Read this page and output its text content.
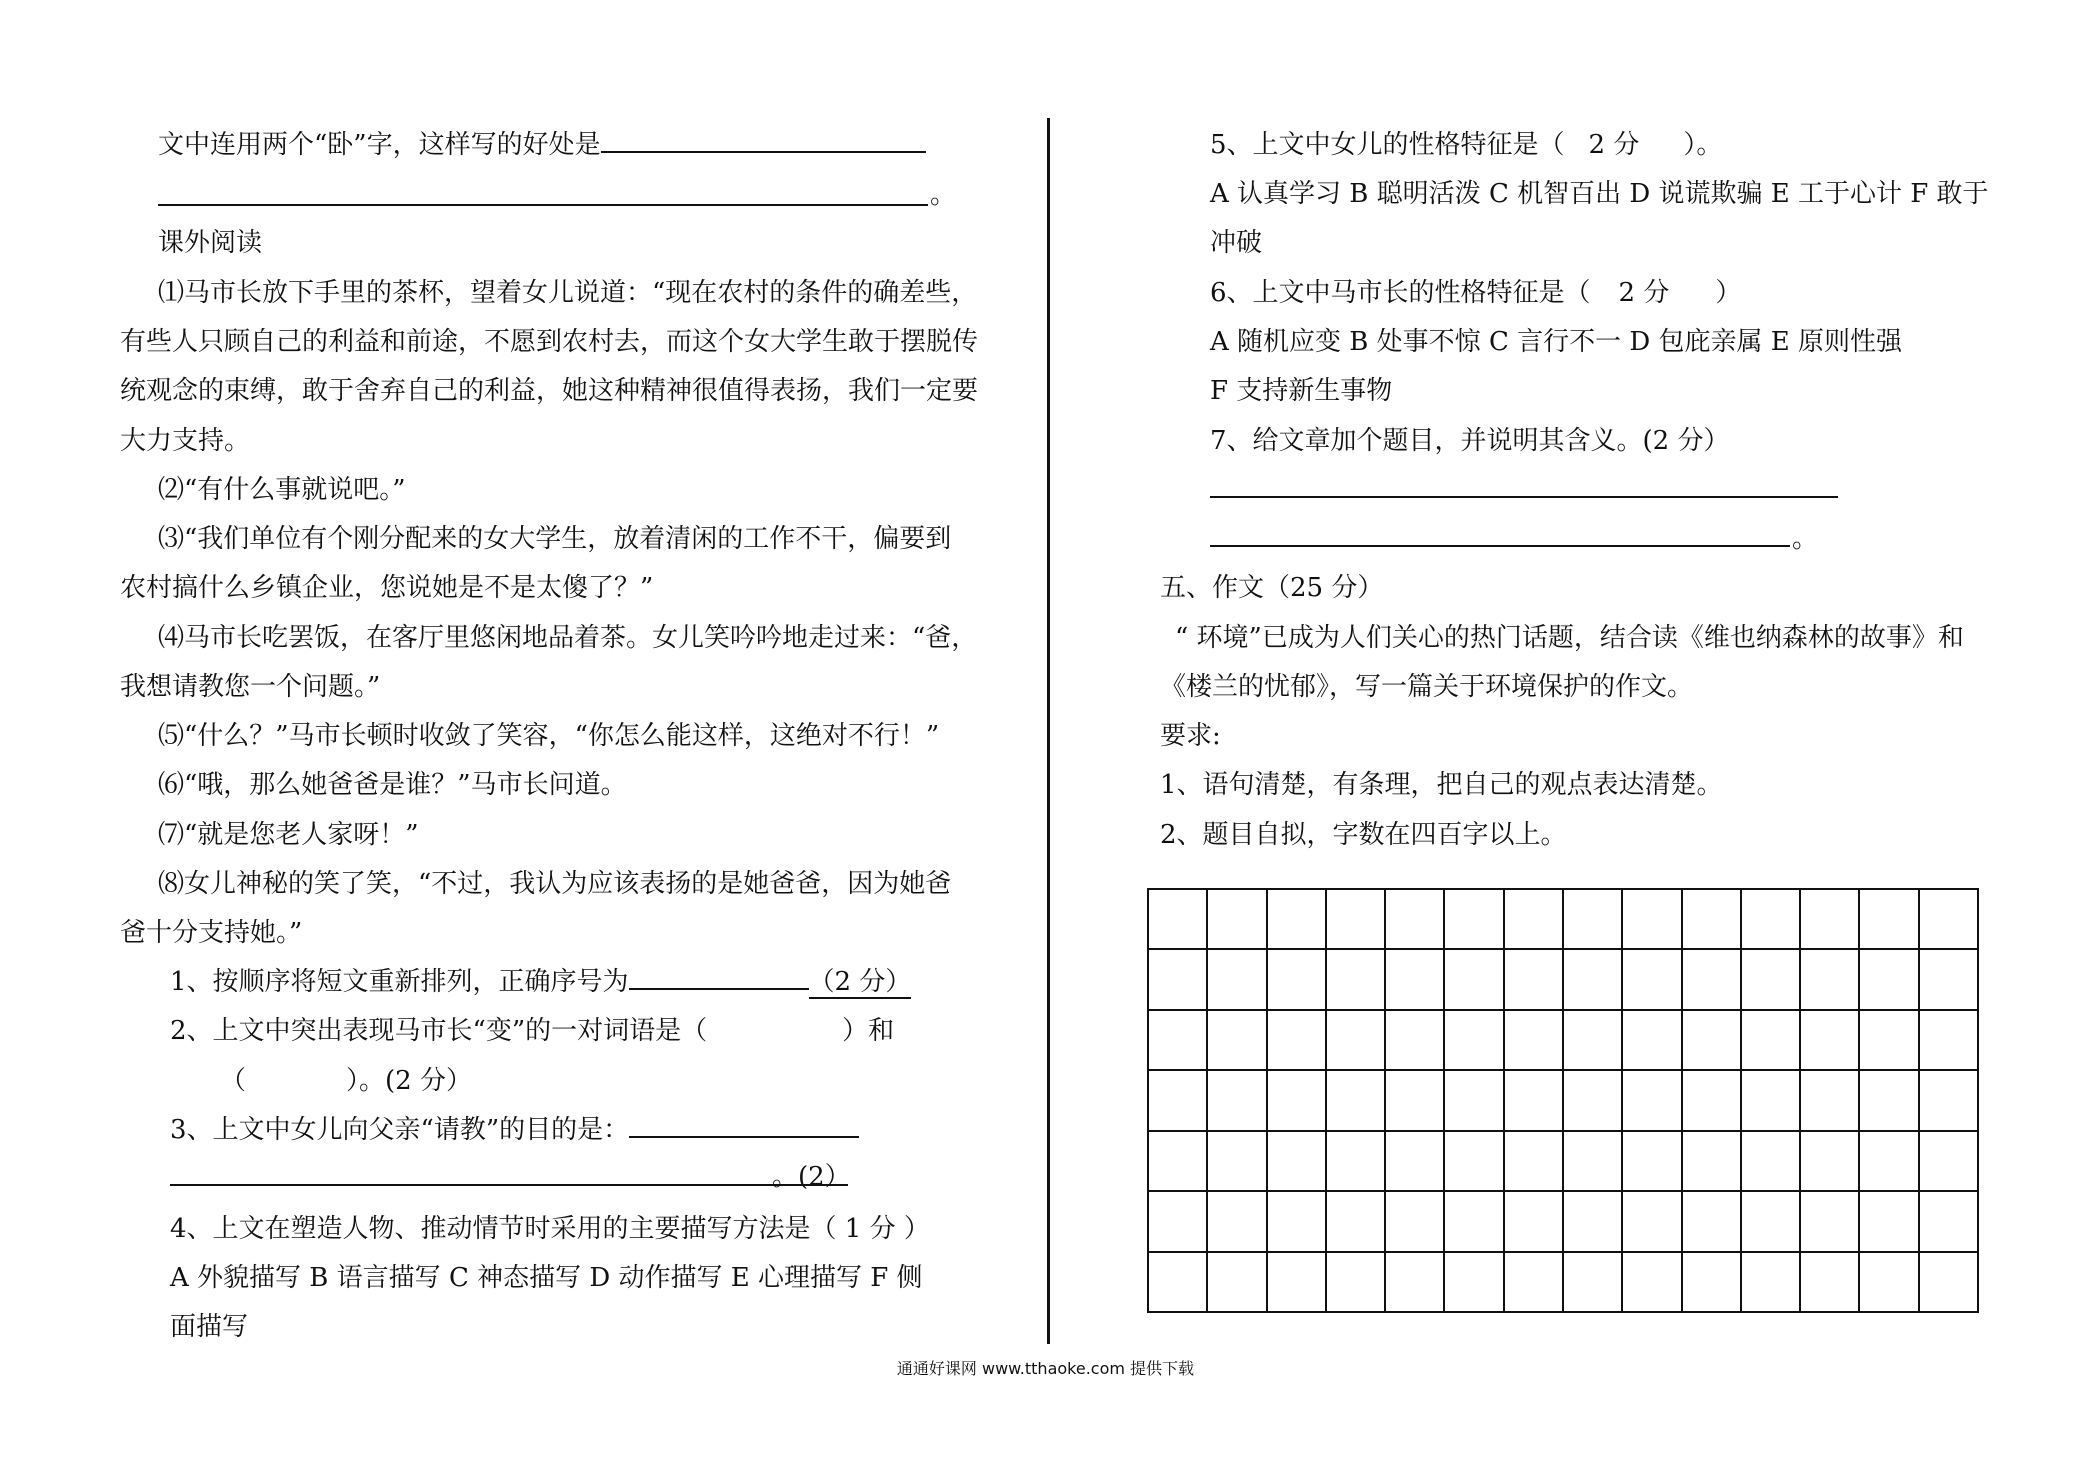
文中连用两个“卧”字，这样写的好处是
。
课外阅读
⑴马市长放下手里的茶杯，望着女儿说道：“现在农村的条件的确差些，
有些人只顾自己的利益和前途，不愿到农村去，而这个女大学生敢于摆脱传
统观念的束缚，敢于舍弃自己的利益，她这种精神很值得表扬，我们一定要
大力支持。
⑵“有什么事就说吧。”
⑶“我们单位有个刚分配来的女大学生，放着清闲的工作不干，偏要到
农村搞什么乡镇企业，您说她是不是太傻了？”
⑷马市长吃罢饭，在客厅里悠闲地品着茶。女儿笑吟吟地走过来：“爸，
我想请教您一个问题。”
⑸“什么？”马市长顿时收敛了笑容，“你怎么能这样，这绝对不行！”
⑹“哦，那么她爸爸是谁？”马市长问道。
⑺“就是您老人家呀！”
⑻女儿神秘的笑了笑，“不过，我认为应该表扬的是她爸爸，因为她爸
爸十分支持她。”
1、按顺序将短文重新排列，正确序号为	（2 分）
2、上文中突出表现马市长“变”的一对词语是（	）和
（	）。(2 分）
3、上文中女儿向父亲“请教”的目的是：
。(2）
4、上文在塑造人物、推动情节时采用的主要描写方法是（ 1 分 ）
A 外貌描写 B 语言描写 C 神态描写 D 动作描写 E 心理描写 F 侧
面描写
5、上文中女儿的性格特征是（ 2 分 ）。
A 认真学习 B 聪明活泼 C 机智百出 D 说谎欺骗 E 工于心计 F 敢于
冲破
6、上文中马市长的性格特征是（ 2 分 ）
A 随机应变 B 处事不惊 C 言行不一 D 包庇亲属 E 原则性强
F 支持新生事物
7、给文章加个题目，并说明其含义。(2 分）
。
五、作文（25 分）
“ 环境”已成为人们关心的热门话题，结合读《维也纳森林的故事》和
《楼兰的忧郁》，写一篇关于环境保护的作文。
要求:
1、语句清楚，有条理，把自己的观点表达清楚。
2、题目自拟，字数在四百字以上。
通通好课网 www.tthaoke.com 提供下载
